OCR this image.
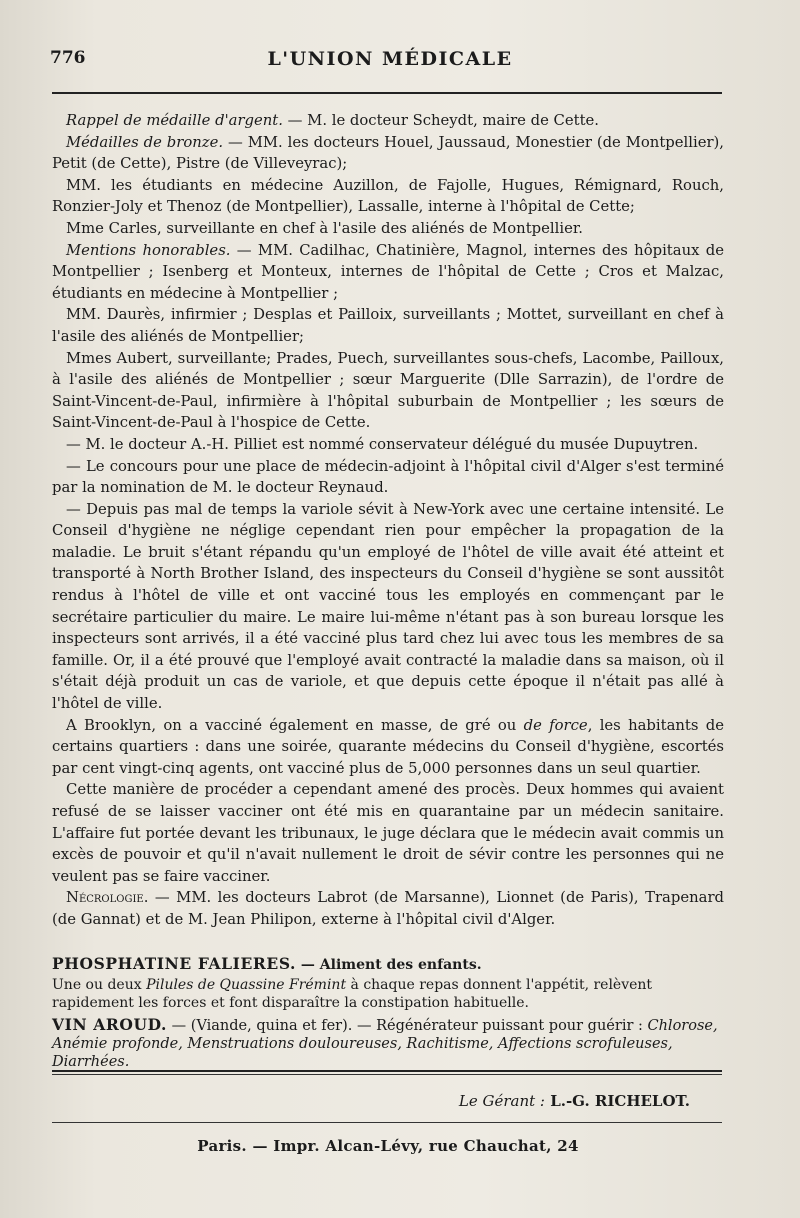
776	L'UNION MÉDICALE

Rappel de médaille d'argent. — M. le docteur Scheydt, maire de Cette.

Médailles de bronze. — MM. les docteurs Houel, Jaussaud, Monestier (de Montpellier), Petit (de Cette), Pistre (de Villeveyrac);

MM. les étudiants en médecine Auzillon, de Fajolle, Hugues, Rémignard, Rouch, Ronzier-Joly et Thenoz (de Montpellier), Lassalle, interne à l'hôpital de Cette;

Mme Carles, surveillante en chef à l'asile des aliénés de Montpellier.

Mentions honorables. — MM. Cadilhac, Chatinière, Magnol, internes des hôpitaux de Montpellier ; Isenberg et Monteux, internes de l'hôpital de Cette ; Cros et Malzac, étudiants en médecine à Montpellier ;

MM. Daurès, infirmier ; Desplas et Pailloix, surveillants ; Mottet, surveillant en chef à l'asile des aliénés de Montpellier;

Mmes Aubert, surveillante; Prades, Puech, surveillantes sous-chefs, Lacombe, Pailloux, à l'asile des aliénés de Montpellier ; sœur Marguerite (Dlle Sarrazin), de l'ordre de Saint-Vincent-de-Paul, infirmière à l'hôpital suburbain de Montpellier ; les sœurs de Saint-Vincent-de-Paul à l'hospice de Cette.

— M. le docteur A.-H. Pilliet est nommé conservateur délégué du musée Dupuytren.

— Le concours pour une place de médecin-adjoint à l'hôpital civil d'Alger s'est terminé par la nomination de M. le docteur Reynaud.

— Depuis pas mal de temps la variole sévit à New-York avec une certaine intensité. Le Conseil d'hygiène ne néglige cependant rien pour empêcher la propagation de la maladie. Le bruit s'étant répandu qu'un employé de l'hôtel de ville avait été atteint et transporté à North Brother Island, des inspecteurs du Conseil d'hygiène se sont aussitôt rendus à l'hôtel de ville et ont vacciné tous les employés en commençant par le secrétaire particulier du maire. Le maire lui-même n'étant pas à son bureau lorsque les inspecteurs sont arrivés, il a été vacciné plus tard chez lui avec tous les membres de sa famille. Or, il a été prouvé que l'employé avait contracté la maladie dans sa maison, où il s'était déjà produit un cas de variole, et que depuis cette époque il n'était pas allé à l'hôtel de ville.

A Brooklyn, on a vacciné également en masse, de gré ou de force, les habitants de certains quartiers : dans une soirée, quarante médecins du Conseil d'hygiène, escortés par cent vingt-cinq agents, ont vacciné plus de 5,000 personnes dans un seul quartier.

Cette manière de procéder a cependant amené des procès. Deux hommes qui avaient refusé de se laisser vacciner ont été mis en quarantaine par un médecin sanitaire. L'affaire fut portée devant les tribunaux, le juge déclara que le médecin avait commis un excès de pouvoir et qu'il n'avait nullement le droit de sévir contre les personnes qui ne veulent pas se faire vacciner.

Nécrologie. — MM. les docteurs Labrot (de Marsanne), Lionnet (de Paris), Trapenard (de Gannat) et de M. Jean Philipon, externe à l'hôpital civil d'Alger.

PHOSPHATINE FALIERES. — Aliment des enfants.

Une ou deux Pilules de Quassine Frémint à chaque repas donnent l'appétit, relèvent rapidement les forces et font disparaître la constipation habituelle.

VIN AROUD. — (Viande, quina et fer). — Régénérateur puissant pour guérir : Chlorose, Anémie profonde, Menstruations douloureuses, Rachitisme, Affections scrofuleuses, Diarrhées.

Le Gérant : L.-G. RICHELOT.
Paris. — Impr. Alcan-Lévy, rue Chauchat, 24
